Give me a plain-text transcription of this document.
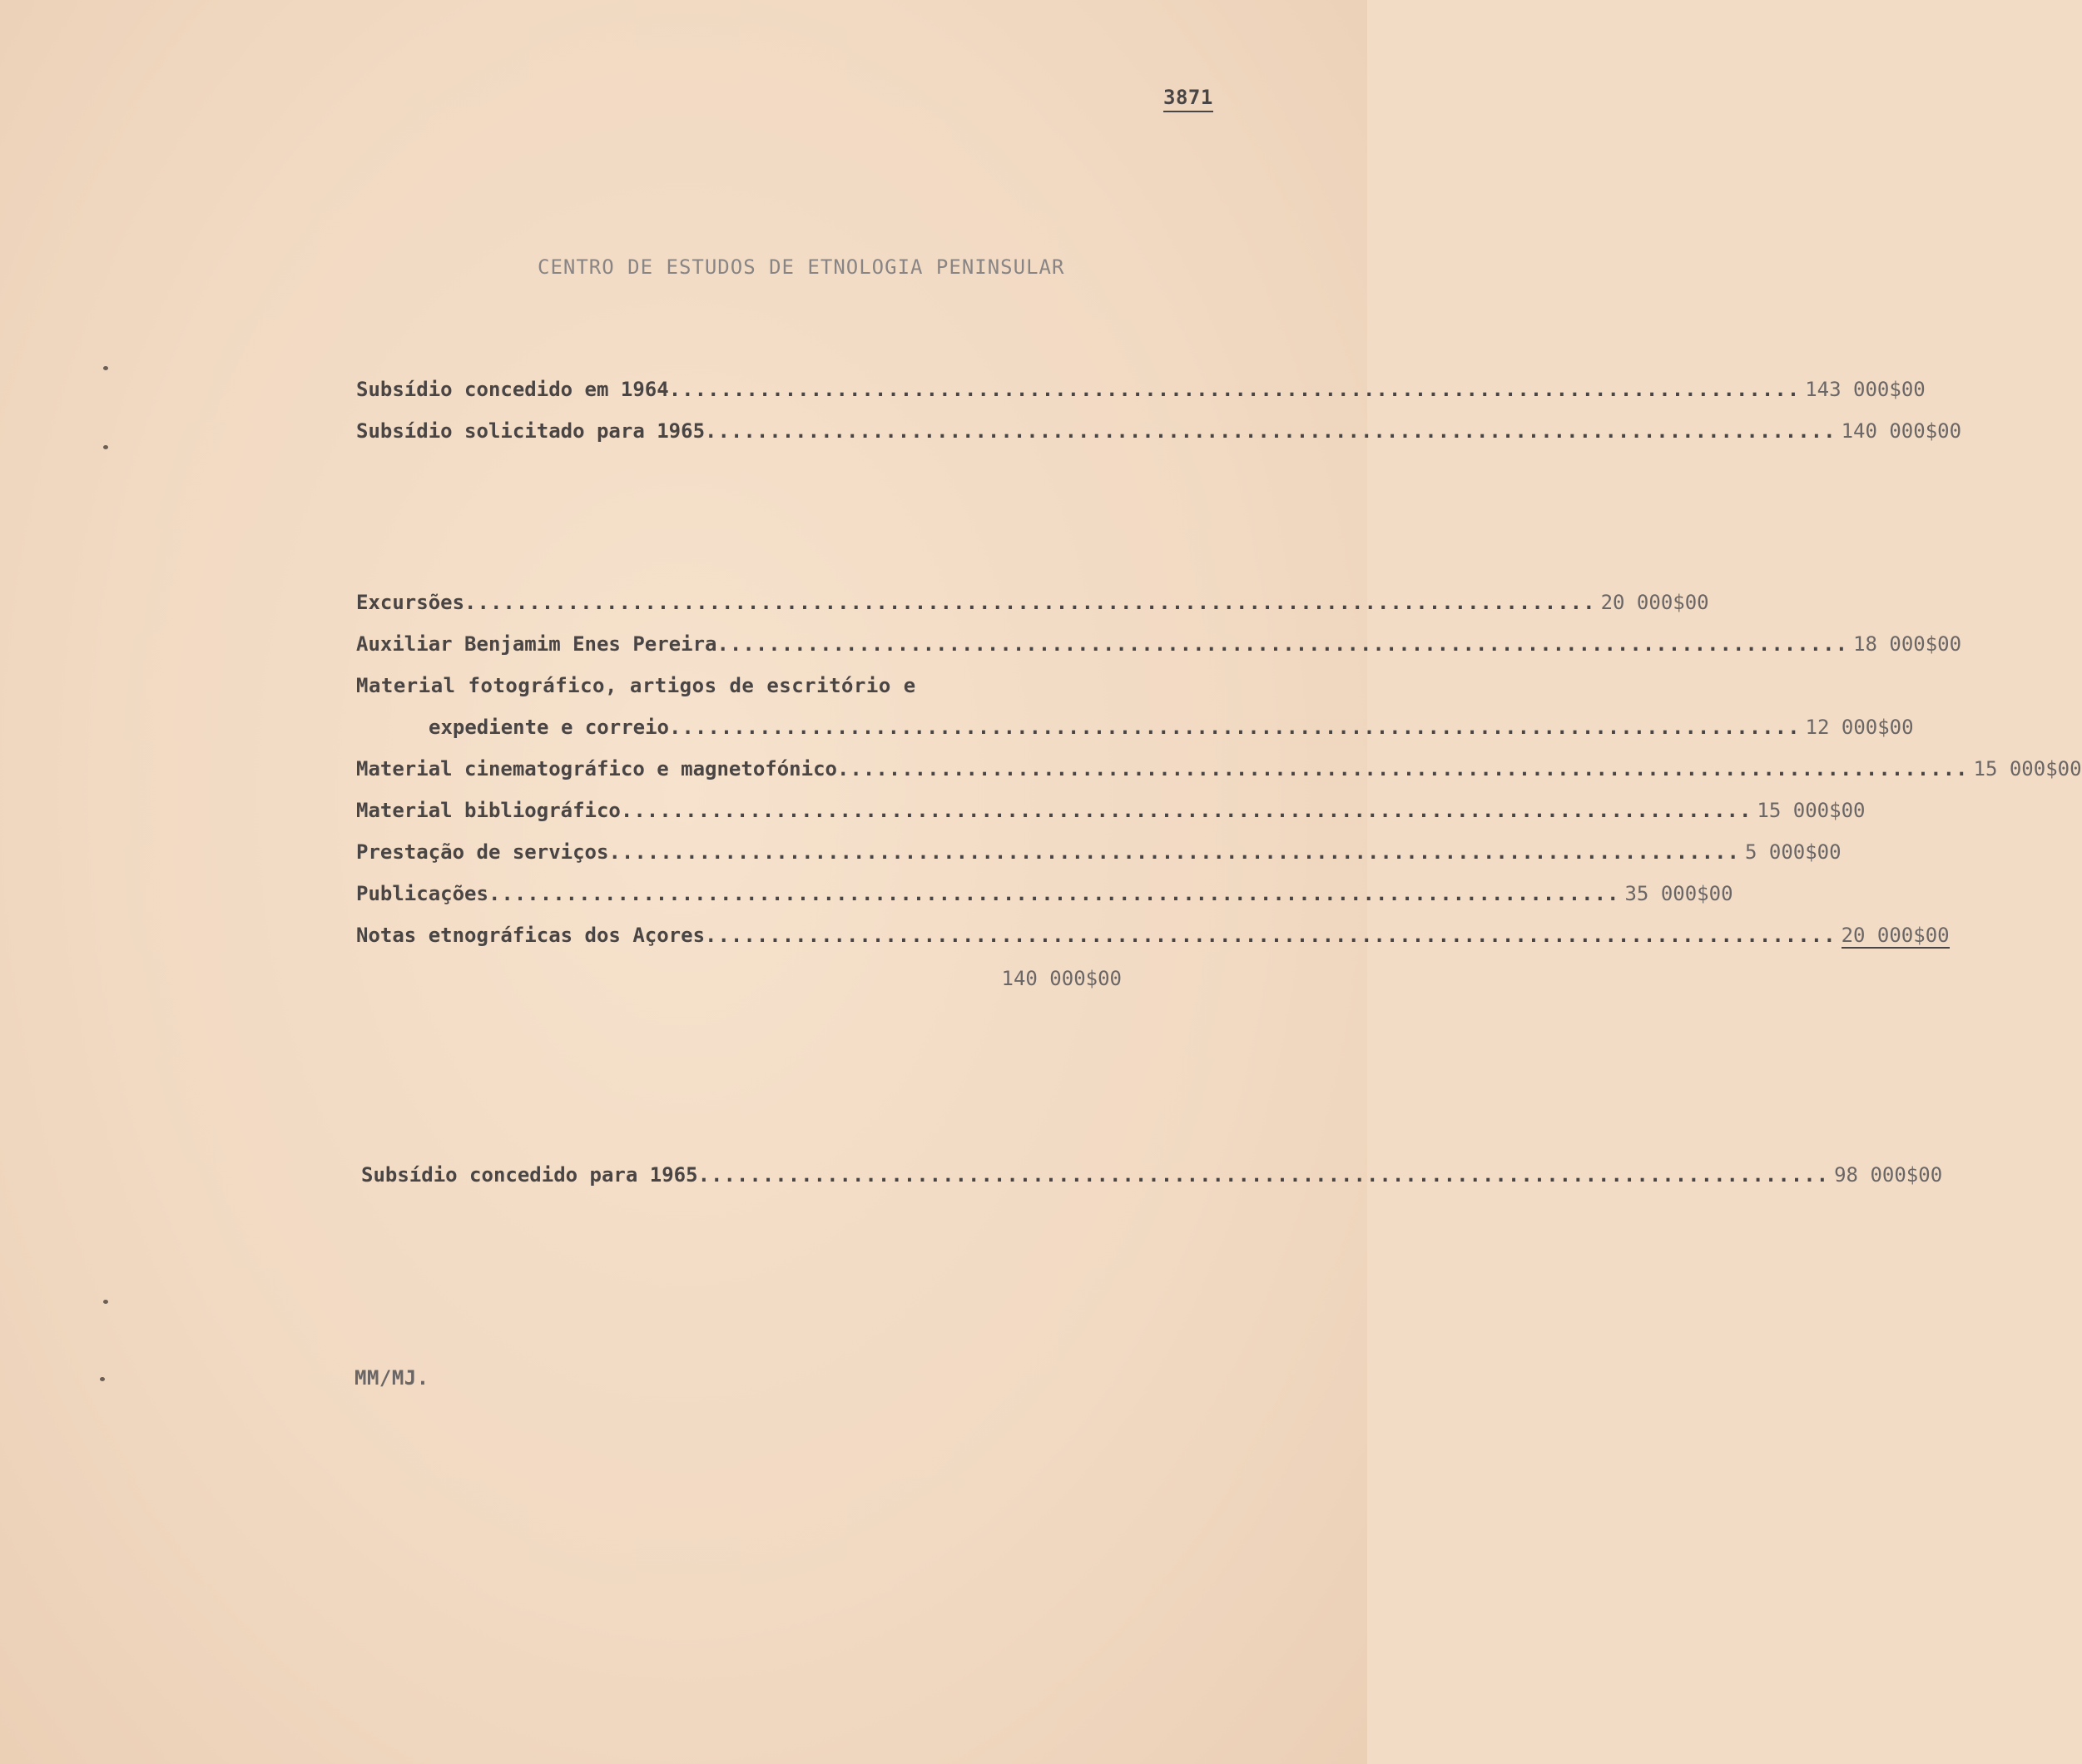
3871
CENTRO DE ESTUDOS DE ETNOLOGIA PENINSULAR
Subsídio concedido em 1964 ........................................................................................ 143 000$00
Subsídio solicitado para 1965 ........................................................................................ 140 000$00
Excursões ........................................................................................ 20 000$00
Auxiliar Benjamim Enes Pereira ........................................................................................ 18 000$00
Material fotográfico, artigos de escritório e
expediente e correio ........................................................................................ 12 000$00
Material cinematográfico e magnetofónico ........................................................................................ 15 000$00
Material bibliográfico ........................................................................................ 15 000$00
Prestação de serviços ........................................................................................ 5 000$00
Publicações ........................................................................................ 35 000$00
Notas etnográficas dos Açores ........................................................................................ 20 000$00
140 000$00
Subsídio concedido para 1965 ........................................................................................ 98 000$00
MM/MJ.
